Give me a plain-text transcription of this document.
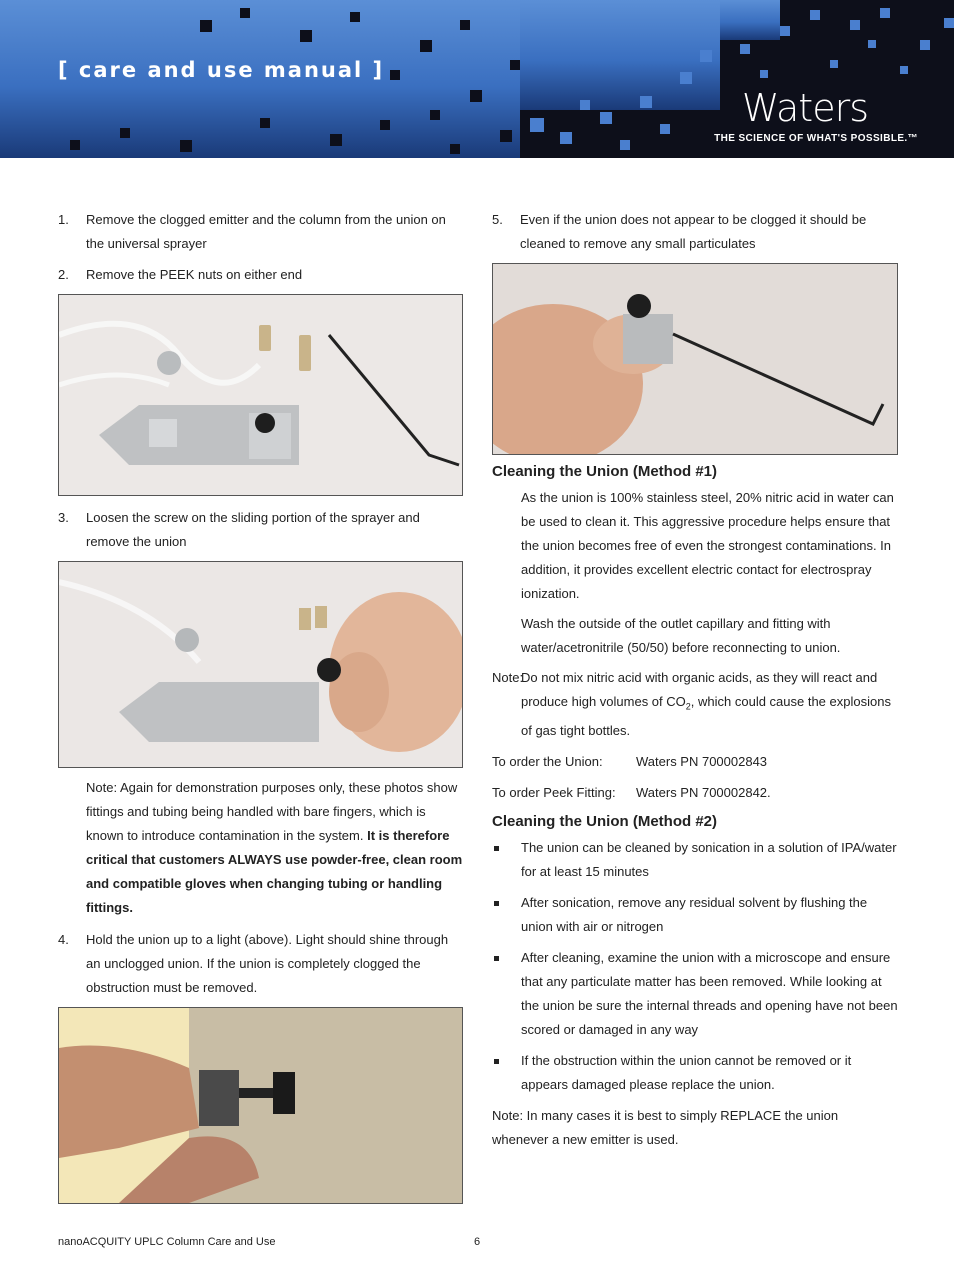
[ care and use manual ]
Waters
THE SCIENCE OF WHAT'S POSSIBLE.™
1.	Remove the clogged emitter and the column from the union on the universal sprayer
2.	Remove the PEEK nuts on either end
3.	Loosen the screw on the sliding portion of the sprayer and remove the union
Note: Again for demonstration purposes only, these photos show fittings and tubing being handled with bare fingers, which is known to introduce contamination in the system. It is therefore critical that customers ALWAYS use powder-free, clean room and compatible gloves when changing tubing or handling fittings.
4.	Hold the union up to a light (above). Light should shine through an unclogged union. If the union is completely clogged the obstruction must be removed.
5.	Even if the union does not appear to be clogged it should be cleaned to remove any small particulates
Cleaning the Union (Method #1)
As the union is 100% stainless steel, 20% nitric acid in water can be used to clean it. This aggressive procedure helps ensure that the union becomes free of even the strongest contaminations. In addition, it provides excellent electric contact for electrospray ionization.
Wash the outside of the outlet capillary and fitting with water/acetronitrile (50/50) before reconnecting to union.
Note:
Do not mix nitric acid with organic acids, as they will react and produce high volumes of $CO_2$, which could cause the explosions of gas tight bottles.
To order the Union:	Waters PN 700002843
To order Peek Fitting:	Waters PN 700002842.
Cleaning the Union (Method #2)
The union can be cleaned by sonication in a solution of IPA/water for at least 15 minutes
After sonication, remove any residual solvent by flushing the union with air or nitrogen
After cleaning, examine the union with a microscope and ensure that any particulate matter has been removed. While looking at the union be sure the internal threads and opening have not been scored or damaged in any way
If the obstruction within the union cannot be removed or it appears damaged please replace the union.
Note: In many cases it is best to simply REPLACE the union whenever a new emitter is used.
nanoACQUITY UPLC Column Care and Use	6
